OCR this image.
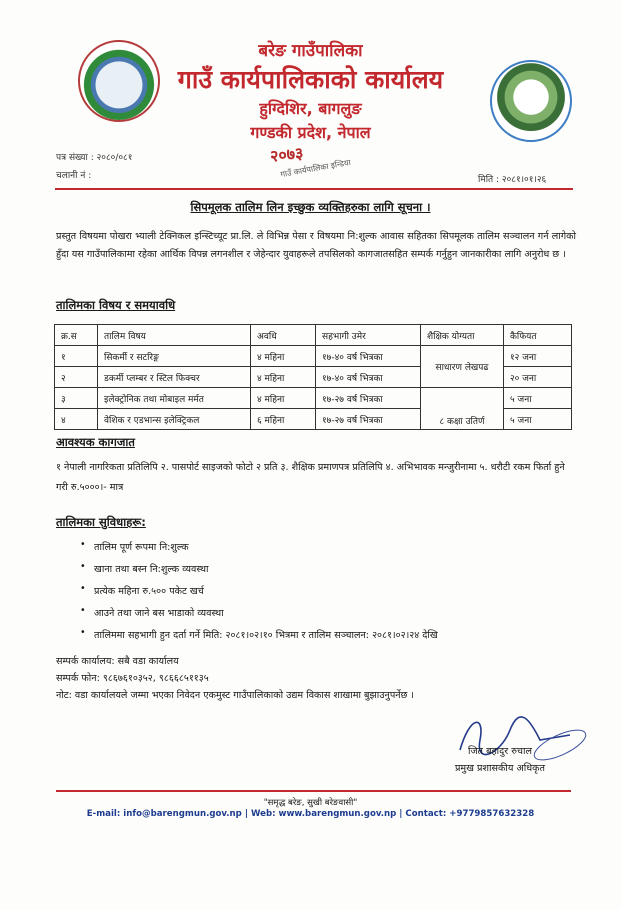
बरेङ गाउँपालिका
गाउँ कार्यपालिकाको कार्यालय
हुग्दिशिर, बागलुङ
गण्डकी प्रदेश, नेपाल
पत्र संख्या : २०८०/०८१
चलानी नं :	मिति : २०८१।०१।२६
२०७३
गाउँ कार्यपालिका इन्डिया
सिपमूलक तालिम लिन इच्छुक व्यक्तिहरुका लागि सूचना ।
प्रस्तुत विषयमा पोखरा भ्याली टेक्निकल इन्स्टिच्यूट प्रा.लि. ले विभिन्न पेसा र विषयमा नि:शुल्क आवास सहितका सिपमूलक तालिम सञ्चालन गर्न लागेको हुँदा यस गाउँपालिकामा रहेका आर्थिक विपन्न लगनशील र जेहेन्दार युवाहरूले तपसिलको कागजातसहित सम्पर्क गर्नुहुन जानकारीका लागि अनुरोध छ ।
तालिमका विषय र समयावधि
क्र.स	तालिम विषय	अवधि	सहभागी उमेर	शैक्षिक योग्यता	कैफियत
१	सिकर्मी र सटरिङ्ग	४ महिना	१७-४० वर्ष भित्रका	साधारण लेखपढ	१२ जना
२	डकर्मी प्लम्बर र स्टिल फिक्चर	४ महिना	१७-४० वर्ष भित्रका		२० जना
३	इलेक्ट्रोनिक तथा मोबाइल मर्मत	४ महिना	१७-२७ वर्ष भित्रका	८ कक्षा उतिर्ण	५ जना
४	वेशिक र एडभान्स इलेक्ट्रिकल	६ महिना	१७-२७ वर्ष भित्रका		५ जना
आवश्यक कागजात
१ नेपाली नागरिकता प्रतिलिपि २. पासपोर्ट साइजको फोटो २ प्रति ३. शैक्षिक प्रमाणपत्र प्रतिलिपि ४. अभिभावक मन्जुरीनामा ५. धरौटी रकम फिर्ता हुने गरी रु.५०००।- मात्र
तालिमका सुविधाहरू:
• तालिम पूर्ण रूपमा नि:शुल्क
• खाना तथा बस्न नि:शुल्क व्यवस्था
• प्रत्येक महिना रु.५०० पकेट खर्च
• आउने तथा जाने बस भाडाको व्यवस्था
• तालिममा सहभागी हुन दर्ता गर्ने मिति: २०८१।०२।१० भित्रमा र तालिम सञ्चालन: २०८१।०२।२४ देखि
सम्पर्क कार्यालय: सबै वडा कार्यालय
सम्पर्क फोन: ९८६७६१०३५२, ९८६६८५११३५
नोट: वडा कार्यालयले जम्मा भएका निवेदन एकमुस्ट गाउँपालिकाको उद्यम विकास शाखामा बुझाउनुपर्नेछ ।
जित बहादुर रुचाल
प्रमुख प्रशासकीय अधिकृत
"समृद्ध बरेङ, सुखी बरेङवासी"
E-mail: info@barengmun.gov.np | Web: www.barengmun.gov.np | Contact: +9779857632328
